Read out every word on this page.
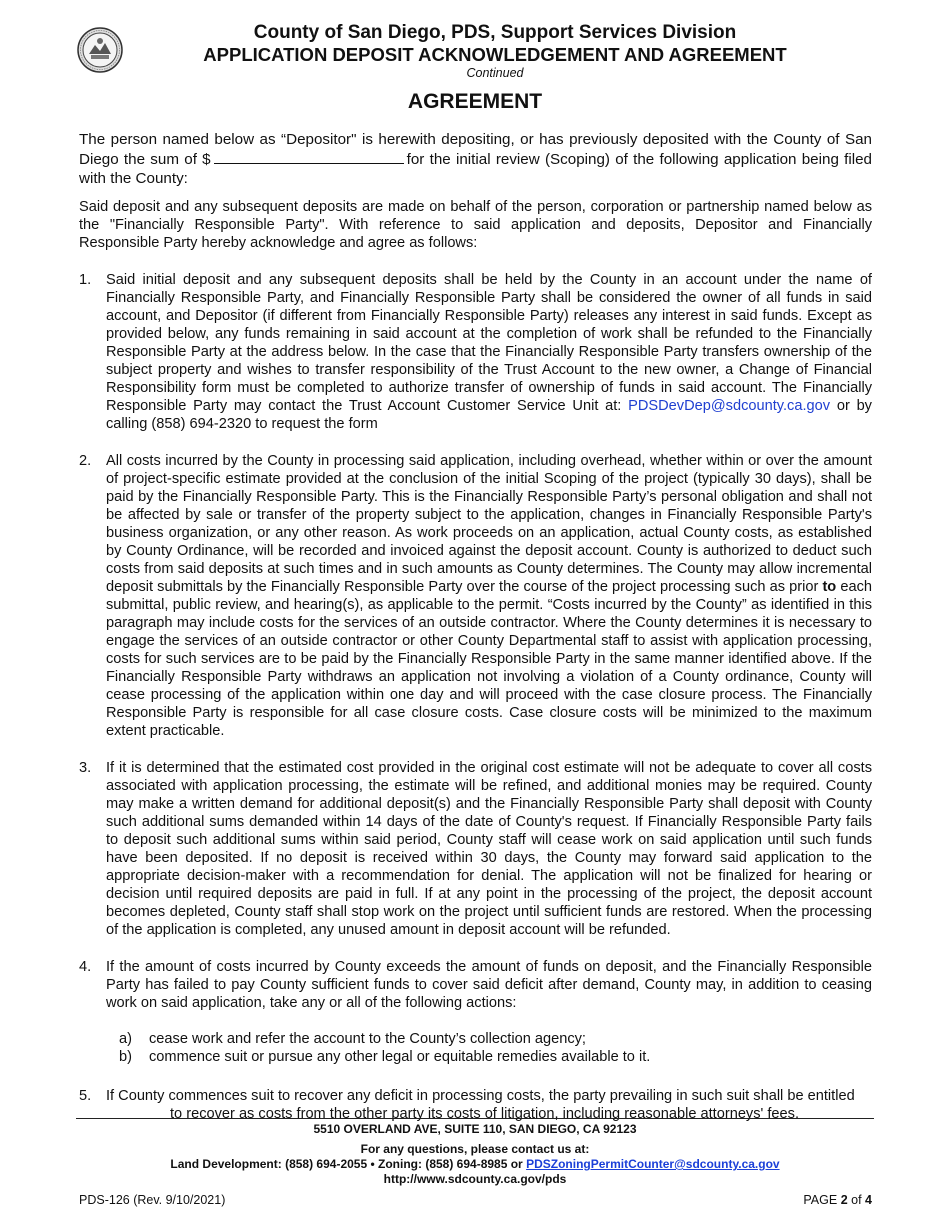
County of San Diego, PDS, Support Services Division
APPLICATION DEPOSIT ACKNOWLEDGEMENT AND AGREEMENT
Continued
AGREEMENT

The person named below as “Depositor" is herewith depositing, or has previously deposited with the County of San Diego the sum of $	for the initial review (Scoping) of the following application being filed with the County:

Said deposit and any subsequent deposits are made on behalf of the person, corporation or partnership named below as the "Financially Responsible Party". With reference to said application and deposits, Depositor and Financially Responsible Party hereby acknowledge and agree as follows:

1. Said initial deposit and any subsequent deposits shall be held by the County in an account under the name of Financially Responsible Party, and Financially Responsible Party shall be considered the owner of all funds in said account, and Depositor (if different from Financially Responsible Party) releases any interest in said funds. Except as provided below, any funds remaining in said account at the completion of work shall be refunded to the Financially Responsible Party at the address below. In the case that the Financially Responsible Party transfers ownership of the subject property and wishes to transfer responsibility of the Trust Account to the new owner, a Change of Financial Responsibility form must be completed to authorize transfer of ownership of funds in said account. The Financially Responsible Party may contact the Trust Account Customer Service Unit at: PDSDevDep@sdcounty.ca.gov or by calling (858) 694-2320 to request the form
2. All costs incurred by the County in processing said application, including overhead, whether within or over the amount of project-specific estimate provided at the conclusion of the initial Scoping of the project (typically 30 days), shall be paid by the Financially Responsible Party. This is the Financially Responsible Party’s personal obligation and shall not be affected by sale or transfer of the property subject to the application, changes in Financially Responsible Party's business organization, or any other reason. As work proceeds on an application, actual County costs, as established by County Ordinance, will be recorded and invoiced against the deposit account. County is authorized to deduct such costs from said deposits at such times and in such amounts as County determines. The County may allow incremental deposit submittals by the Financially Responsible Party over the course of the project processing such as prior to each submittal, public review, and hearing(s), as applicable to the permit. “Costs incurred by the County” as identified in this paragraph may include costs for the services of an outside contractor. Where the County determines it is necessary to engage the services of an outside contractor or other County Departmental staff to assist with application processing, costs for such services are to be paid by the Financially Responsible Party in the same manner identified above. If the Financially Responsible Party withdraws an application not involving a violation of a County ordinance, County will cease processing of the application within one day and will proceed with the case closure process. The Financially Responsible Party is responsible for all case closure costs. Case closure costs will be minimized to the maximum extent practicable.
3. If it is determined that the estimated cost provided in the original cost estimate will not be adequate to cover all costs associated with application processing, the estimate will be refined, and additional monies may be required. County may make a written demand for additional deposit(s) and the Financially Responsible Party shall deposit with County such additional sums demanded within 14 days of the date of County's request. If Financially Responsible Party fails to deposit such additional sums within said period, County staff will cease work on said application until such funds have been deposited. If no deposit is received within 30 days, the County may forward said application to the appropriate decision-maker with a recommendation for denial. The application will not be finalized for hearing or decision until required deposits are paid in full. If at any point in the processing of the project, the deposit account becomes depleted, County staff shall stop work on the project until sufficient funds are restored. When the processing of the application is completed, any unused amount in deposit account will be refunded.
4. If the amount of costs incurred by County exceeds the amount of funds on deposit, and the Financially Responsible Party has failed to pay County sufficient funds to cover said deficit after demand, County may, in addition to ceasing work on said application, take any or all of the following actions:
a) cease work and refer the account to the County’s collection agency;
b) commence suit or pursue any other legal or equitable remedies available to it.
5. If County commences suit to recover any deficit in processing costs, the party prevailing in such suit shall be entitled
to recover as costs from the other party its costs of litigation, including reasonable attorneys' fees.
5510 OVERLAND AVE, SUITE 110, SAN DIEGO, CA 92123
For any questions, please contact us at:
Land Development: (858) 694-2055 • Zoning: (858) 694-8985 or PDSZoningPermitCounter@sdcounty.ca.gov
http://www.sdcounty.ca.gov/pds
PDS-126 (Rev. 9/10/2021)	PAGE 2 of 4
